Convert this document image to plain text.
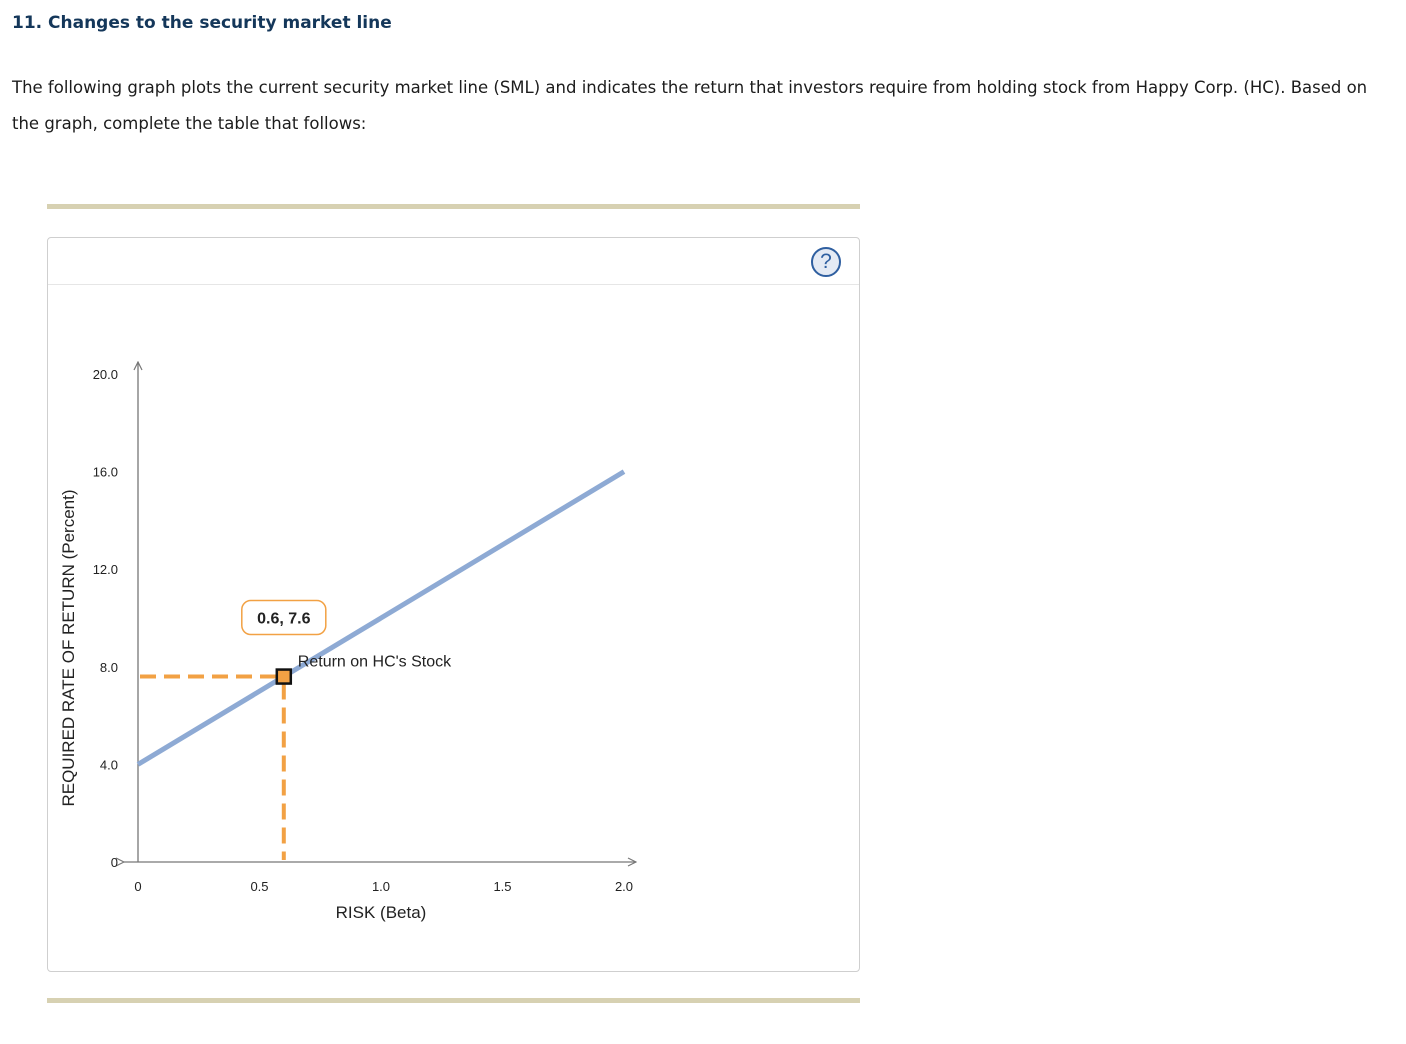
11. Changes to the security market line

The following graph plots the current security market line (SML) and indicates the return that investors require from holding stock from Happy Corp. (HC). Based on the graph, complete the table that follows:

?
0	0.5	1.0	1.5	2.0
0
4.0
8.0
12.0
16.0
20.0
RISK (Beta)
REQUIRED RATE OF RETURN (Percent)	Return on HC's Stock
0.6, 7.6
